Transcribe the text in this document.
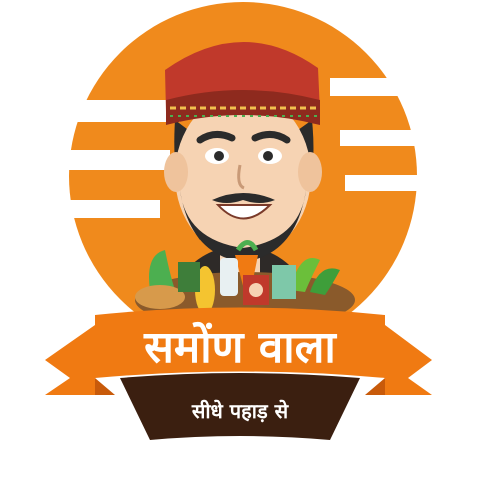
समोंण वाला
सीधे पहाड़ से
